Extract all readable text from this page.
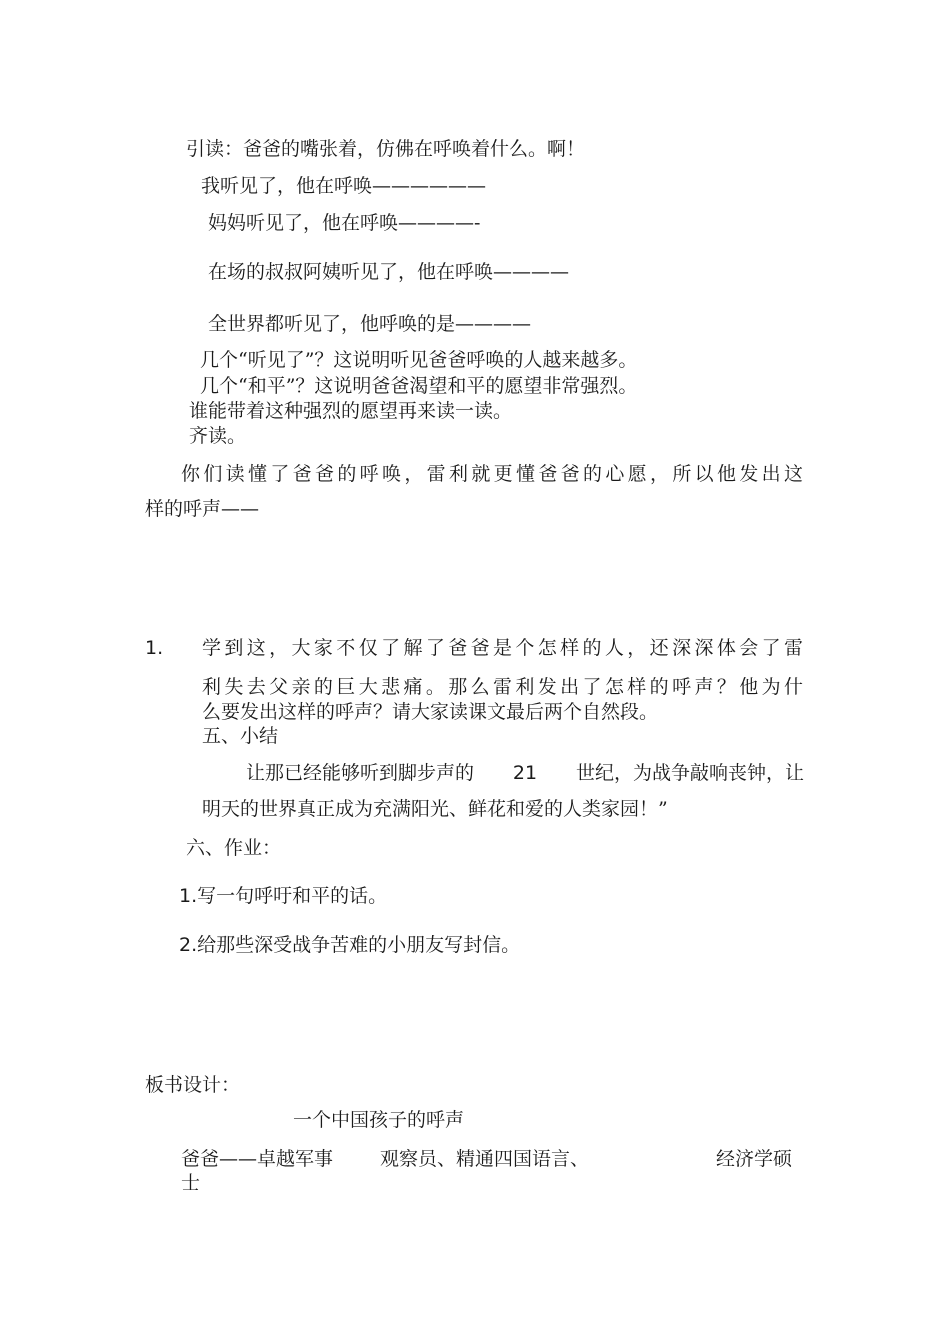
引读：爸爸的嘴张着，仿佛在呼唤着什么。啊！
我听见了，他在呼唤——————
妈妈听见了，他在呼唤————-
在场的叔叔阿姨听见了，他在呼唤————
全世界都听见了，他呼唤的是————
几个“听见了”？这说明听见爸爸呼唤的人越来越多。
几个“和平”？这说明爸爸渴望和平的愿望非常强烈。
谁能带着这种强烈的愿望再来读一读。
齐读。
你们读懂了爸爸的呼唤，雷利就更懂爸爸的心愿，所以他发出这
样的呼声——
1. 学到这，大家不仅了解了爸爸是个怎样的人，还深深体会了雷
利失去父亲的巨大悲痛。那么雷利发出了怎样的呼声？他为什
么要发出这样的呼声？请大家读课文最后两个自然段。
五、小结
让那已经能够听到脚步声的 21 世纪，为战争敲响丧钟，让
明天的世界真正成为充满阳光、鲜花和爱的人类家园！”
六、作业：
1.写一句呼吁和平的话。
2.给那些深受战争苦难的小朋友写封信。
板书设计：
一个中国孩子的呼声
爸爸——卓越军事 观察员、精通四国语言、	经济学硕
士
